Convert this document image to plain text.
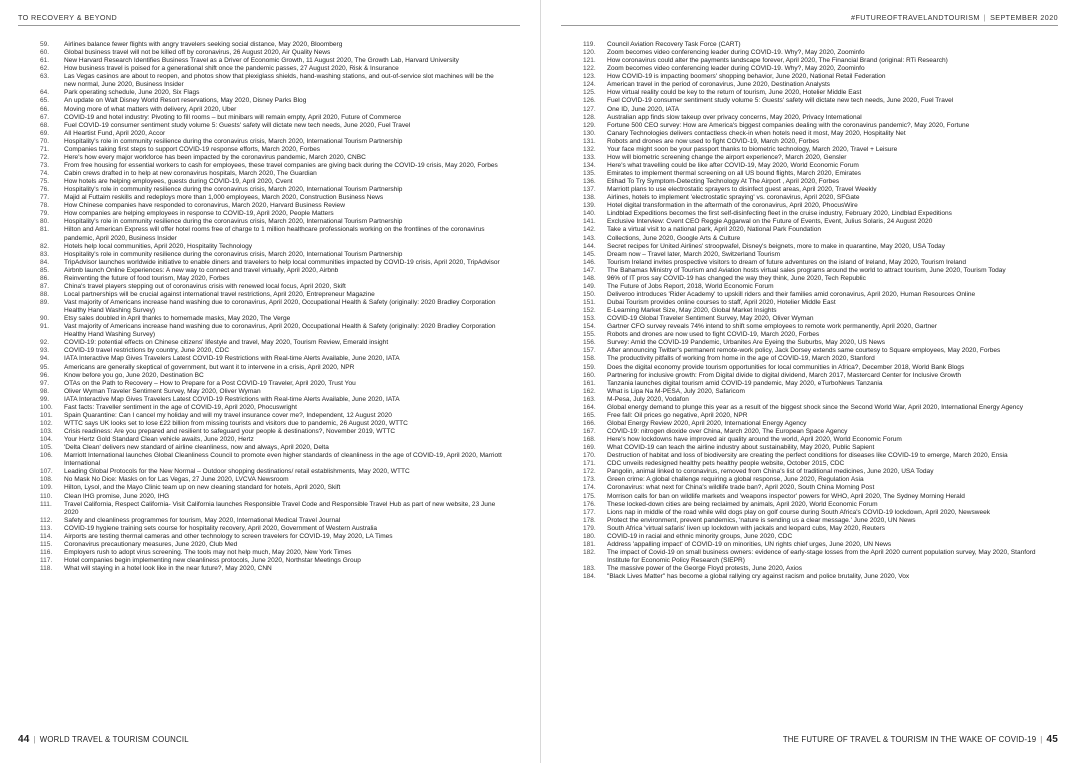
TO RECOVERY & BEYOND
59.	Airlines balance fewer flights with angry travelers seeking social distance, May 2020, Bloomberg
60.	Global business travel will not be killed off by coronavirus, 26 August 2020, Air Quality News
61.	New Harvard Research Identifies Business Travel as a Driver of Economic Growth, 11 August 2020, The Growth Lab, Harvard University
62.	How business travel is poised for a generational shift once the pandemic passes, 27 August 2020, Risk & Insurance
63.	Las Vegas casinos are about to reopen, and photos show that plexiglass shields, hand-washing stations, and out-of-service slot machines will be the new normal, June 2020, Business Insider
64.	Park operating schedule, June 2020, Six Flags
65.	An update on Walt Disney World Resort reservations, May 2020, Disney Parks Blog
66.	Moving more of what matters with delivery, April 2020, Uber
67.	COVID-19 and hotel industry: Pivoting to fill rooms – but minibars will remain empty, April 2020, Future of Commerce
68.	Fuel COVID-19 consumer sentiment study volume 5: Guests' safety will dictate new tech needs, June 2020, Fuel Travel
69.	All Heartist Fund, April 2020, Accor
70.	Hospitality's role in community resilience during the coronavirus crisis, March 2020, International Tourism Partnership
71.	Companies taking first steps to support COVID-19 response efforts, March 2020, Forbes
72.	Here's how every major workforce has been impacted by the coronavirus pandemic, March 2020, CNBC
73.	From free housing for essential workers to cash for employees, these travel companies are giving back during the COVID-19 crisis, May 2020, Forbes
74.	Cabin crews drafted in to help at new coronavirus hospitals, March 2020, The Guardian
75.	How hotels are helping employees, guests during COVID-19, April 2020, Cvent
76.	Hospitality's role in community resilience during the coronavirus crisis, March 2020, International Tourism Partnership
77.	Majid al Futtaim reskills and redeploys more than 1,000 employees, March 2020, Construction Business News
78.	How Chinese companies have responded to coronavirus, March 2020, Harvard Business Review
79.	How companies are helping employees in response to COVID-19, April 2020, People Matters
80.	Hospitality's role in community resilience during the coronavirus crisis, March 2020, International Tourism Partnership
81.	Hilton and American Express will offer hotel rooms free of charge to 1 million healthcare professionals working on the frontlines of the coronavirus pandemic, April 2020, Business Insider
82.	Hotels help local communities, April 2020, Hospitality Technology
83.	Hospitality's role in community resilience during the coronavirus crisis, March 2020, International Tourism Partnership
84.	TripAdvisor launches worldwide initiative to enable diners and travelers to help local communities impacted by COVID-19 crisis, April 2020, TripAdvisor
85.	Airbnb launch Online Experiences: A new way to connect and travel virtually, April 2020, Airbnb
86.	Reinventing the future of food tourism, May 2020, Forbes
87.	China's travel players stepping out of coronavirus crisis with renewed local focus, April 2020, Skift
88.	Local partnerships will be crucial against international travel restrictions, April 2020, Entrepreneur Magazine
89.	Vast majority of Americans increase hand washing due to coronavirus, April 2020, Occupational Health & Safety (originally: 2020 Bradley Corporation Healthy Hand Washing Survey)
90.	Etsy sales doubled in April thanks to homemade masks, May 2020, The Verge
91.	Vast majority of Americans increase hand washing due to coronavirus, April 2020, Occupational Health & Safety (originally: 2020 Bradley Corporation Healthy Hand Washing Survey)
92.	COVID-19: potential effects on Chinese citizens' lifestyle and travel, May 2020, Tourism Review, Emerald insight
93.	COVID-19 travel restrictions by country, June 2020, CDC
94.	IATA Interactive Map Gives Travelers Latest COVID-19 Restrictions with Real-time Alerts Available, June 2020, IATA
95.	Americans are generally skeptical of government, but want it to intervene in a crisis, April 2020, NPR
96.	Know before you go, June 2020, Destination BC
97.	OTAs on the Path to Recovery – How to Prepare for a Post COVID-19 Traveler, April 2020, Trust You
98.	Oliver Wyman Traveler Sentiment Survey, May 2020, Oliver Wyman
99.	IATA Interactive Map Gives Travelers Latest COVID-19 Restrictions with Real-time Alerts Available, June 2020, IATA
100.	Fast facts: Traveller sentiment in the age of COVID-19, April 2020, Phocuswright
101.	Spain Quarantine: Can I cancel my holiday and will my travel insurance cover me?, Independent, 12 August 2020
102.	WTTC says UK looks set to lose £22 billion from missing tourists and visitors due to pandemic, 26 August 2020, WTTC
103.	Crisis readiness: Are you prepared and resilient to safeguard your people & destinations?, November 2019, WTTC
104.	Your Hertz Gold Standard Clean vehicle awaits, June 2020, Hertz
105.	'Delta Clean' delivers new standard of airline cleanliness, now and always, April 2020, Delta
106.	Marriott International launches Global Cleanliness Council to promote even higher standards of cleanliness in the age of COVID-19, April 2020, Marriott International
107.	Leading Global Protocols for the New Normal – Outdoor shopping destinations/ retail establishments, May 2020, WTTC
108.	No Mask No Dice: Masks on for Las Vegas, 27 June 2020, LVCVA Newsroom
109.	Hilton, Lysol, and the Mayo Clinic team up on new cleaning standard for hotels, April 2020, Skift
110.	Clean IHG promise, June 2020, IHG
111.	Travel California, Respect California- Visit California launches Responsible Travel Code and Responsible Travel Hub as part of new website, 23 June 2020
112.	Safety and cleanliness programmes for tourism, May 2020, International Medical Travel Journal
113.	COVID-19 hygiene training sets course for hospitality recovery, April 2020, Government of Western Australia
114.	Airports are testing thermal cameras and other technology to screen travelers for COVID-19, May 2020, LA Times
115.	Coronavirus precautionary measures, June 2020, Club Med
116.	Employers rush to adopt virus screening. The tools may not help much, May 2020, New York Times
117.	Hotel companies begin implementing new cleanliness protocols, June 2020, Northstar Meetings Group
118.	What will staying in a hotel look like in the near future?, May 2020, CNN
44 | WORLD TRAVEL & TOURISM COUNCIL
#FUTUREOFTRAVELANDTOURISM | SEPTEMBER 2020
119.	Council Aviation Recovery Task Force (CART)
120.	Zoom becomes video conferencing leader during COVID-19. Why?, May 2020, Zoominfo
121.	How coronavirus could alter the payments landscape forever, April 2020, The Financial Brand (original: RTi Research)
122.	Zoom becomes video conferencing leader during COVID-19. Why?, May 2020, Zoominfo
123.	How COVID-19 is impacting boomers' shopping behavior, June 2020, National Retail Federation
124.	American travel in the period of coronavirus, June 2020, Destination Analysts
125.	How virtual reality could be key to the return of tourism, June 2020, Hotelier Middle East
126.	Fuel COVID-19 consumer sentiment study volume 5: Guests' safety will dictate new tech needs, June 2020, Fuel Travel
127.	One ID, June 2020, IATA
128.	Australian app finds slow takeup over privacy concerns, May 2020, Privacy International
129.	Fortune 500 CEO survey: How are America's biggest companies dealing with the coronavirus pandemic?, May 2020, Fortune
130.	Canary Technologies delivers contactless check-in when hotels need it most, May 2020, Hospitality Net
131.	Robots and drones are now used to fight COVID-19, March 2020, Forbes
132.	Your face might soon be your passport thanks to biometric technology, March 2020, Travel + Leisure
133.	How will biometric screening change the airport experience?, March 2020, Gensler
134.	Here's what travelling could be like after COVID-19, May 2020, World Economic Forum
135.	Emirates to implement thermal screening on all US bound flights, March 2020, Emirates
136.	Etihad To Try Symptom-Detecting Technology At The Airport , April 2020, Forbes
137.	Marriott plans to use electrostatic sprayers to disinfect guest areas, April 2020, Travel Weekly
138.	Airlines, hotels to implement 'electrostatic spraying' vs. coronavirus, April 2020, SFGate
139.	Hotel digital transformation in the aftermath of the coronavirus, April 2020, PhocusWire
140.	Lindblad Expeditions becomes the first self-disinfecting fleet in the cruise industry, February 2020, Lindblad Expeditions
141.	Exclusive Interview: Cvent CEO Reggie Aggarwal on the Future of Events, Event, Julius Solaris, 24 August 2020
142.	Take a virtual visit to a national park, April 2020, National Park Foundation
143.	Collections, June 2020, Google Arts & Culture
144.	Secret recipes for United Airlines' stroopwafel, Disney's beignets, more to make in quarantine, May 2020, USA Today
145.	Dream now – Travel later, March 2020, Switzerland Tourism
146.	Tourism Ireland invites prospective visitors to dream of future adventures on the island of Ireland, May 2020, Tourism Ireland
147.	The Bahamas Ministry of Tourism and Aviation hosts virtual sales programs around the world to attract tourism, June 2020, Tourism Today
148.	96% of IT pros say COVID-19 has changed the way they think, June 2020, Tech Republic
149.	The Future of Jobs Report, 2018, World Economic Forum
150.	Deliveroo introduces 'Rider Academy' to upskill riders and their families amid coronavirus, April 2020, Human Resources Online
151.	Dubai Tourism provides online courses to staff, April 2020, Hotelier Middle East
152.	E-Learning Market Size, May 2020, Global Market Insights
153.	COVID-19 Global Traveler Sentiment Survey, May 2020, Oliver Wyman
154.	Gartner CFO survey reveals 74% intend to shift some employees to remote work permanently, April 2020, Gartner
155.	Robots and drones are now used to fight COVID-19, March 2020, Forbes
156.	Survey: Amid the COVID-19 Pandemic, Urbanites Are Eyeing the Suburbs, May 2020, US News
157.	After announcing Twitter's permanent remote-work policy, Jack Dorsey extends same courtesy to Square employees, May 2020, Forbes
158.	The productivity pitfalls of working from home in the age of COVID-19, March 2020, Stanford
159.	Does the digital economy provide tourism opportunities for local communities in Africa?, December 2018, World Bank Blogs
160.	Partnering for inclusive growth: From Digital divide to digital dividend, March 2017, Mastercard Center for Inclusive Growth
161.	Tanzania launches digital tourism amid COVID-19 pandemic, May 2020, eTurboNews Tanzania
162.	What is Lipa Na M-PESA, July 2020, Safaricom
163.	M-Pesa, July 2020, Vodafon
164.	Global energy demand to plunge this year as a result of the biggest shock since the Second World War, April 2020, International Energy Agency
165.	Free fall: Oil prices go negative, April 2020, NPR
166.	Global Energy Review 2020, April 2020, International Energy Agency
167.	COVID-19: nitrogen dioxide over China, March 2020, The European Space Agency
168.	Here's how lockdowns have improved air quality around the world, April 2020, World Economic Forum
169.	What COVID-19 can teach the airline industry about sustainability, May 2020, Public Sapient
170.	Destruction of habitat and loss of biodiversity are creating the perfect conditions for diseases like COVID-19 to emerge, March 2020, Ensia
171.	CDC unveils redesigned healthy pets healthy people website, October 2015, CDC
172.	Pangolin, animal linked to coronavirus, removed from China's list of traditional medicines, June 2020, USA Today
173.	Green crime: A global challenge requiring a global response, June 2020, Regulation Asia
174.	Coronavirus: what next for China's wildlife trade ban?, April 2020, South China Morning Post
175.	Morrison calls for ban on wildlife markets and 'weapons inspector' powers for WHO, April 2020, The Sydney Morning Herald
176.	These locked-down cities are being reclaimed by animals, April 2020, World Economic Forum
177.	Lions nap in middle of the road while wild dogs play on golf course during South Africa's COVID-19 lockdown, April 2020, Newsweek
178.	Protect the environment, prevent pandemics, 'nature is sending us a clear message.' June 2020, UN News
179.	South Africa 'virtual safaris' liven up lockdown with jackals and leopard cubs, May 2020, Reuters
180.	COVID-19 in racial and ethnic minority groups, June 2020, CDC
181.	Address 'appalling impact' of COVID-19 on minorities, UN rights chief urges, June 2020, UN News
182.	The impact of Covid-19 on small business owners: evidence of early-stage losses from the April 2020 current population survey, May 2020, Stanford Institute for Economic Policy Research (SIEPR)
183.	The massive power of the George Floyd protests, June 2020, Axios
184.	"Black Lives Matter" has become a global rallying cry against racism and police brutality, June 2020, Vox
THE FUTURE OF TRAVEL & TOURISM IN THE WAKE OF COVID-19 | 45
